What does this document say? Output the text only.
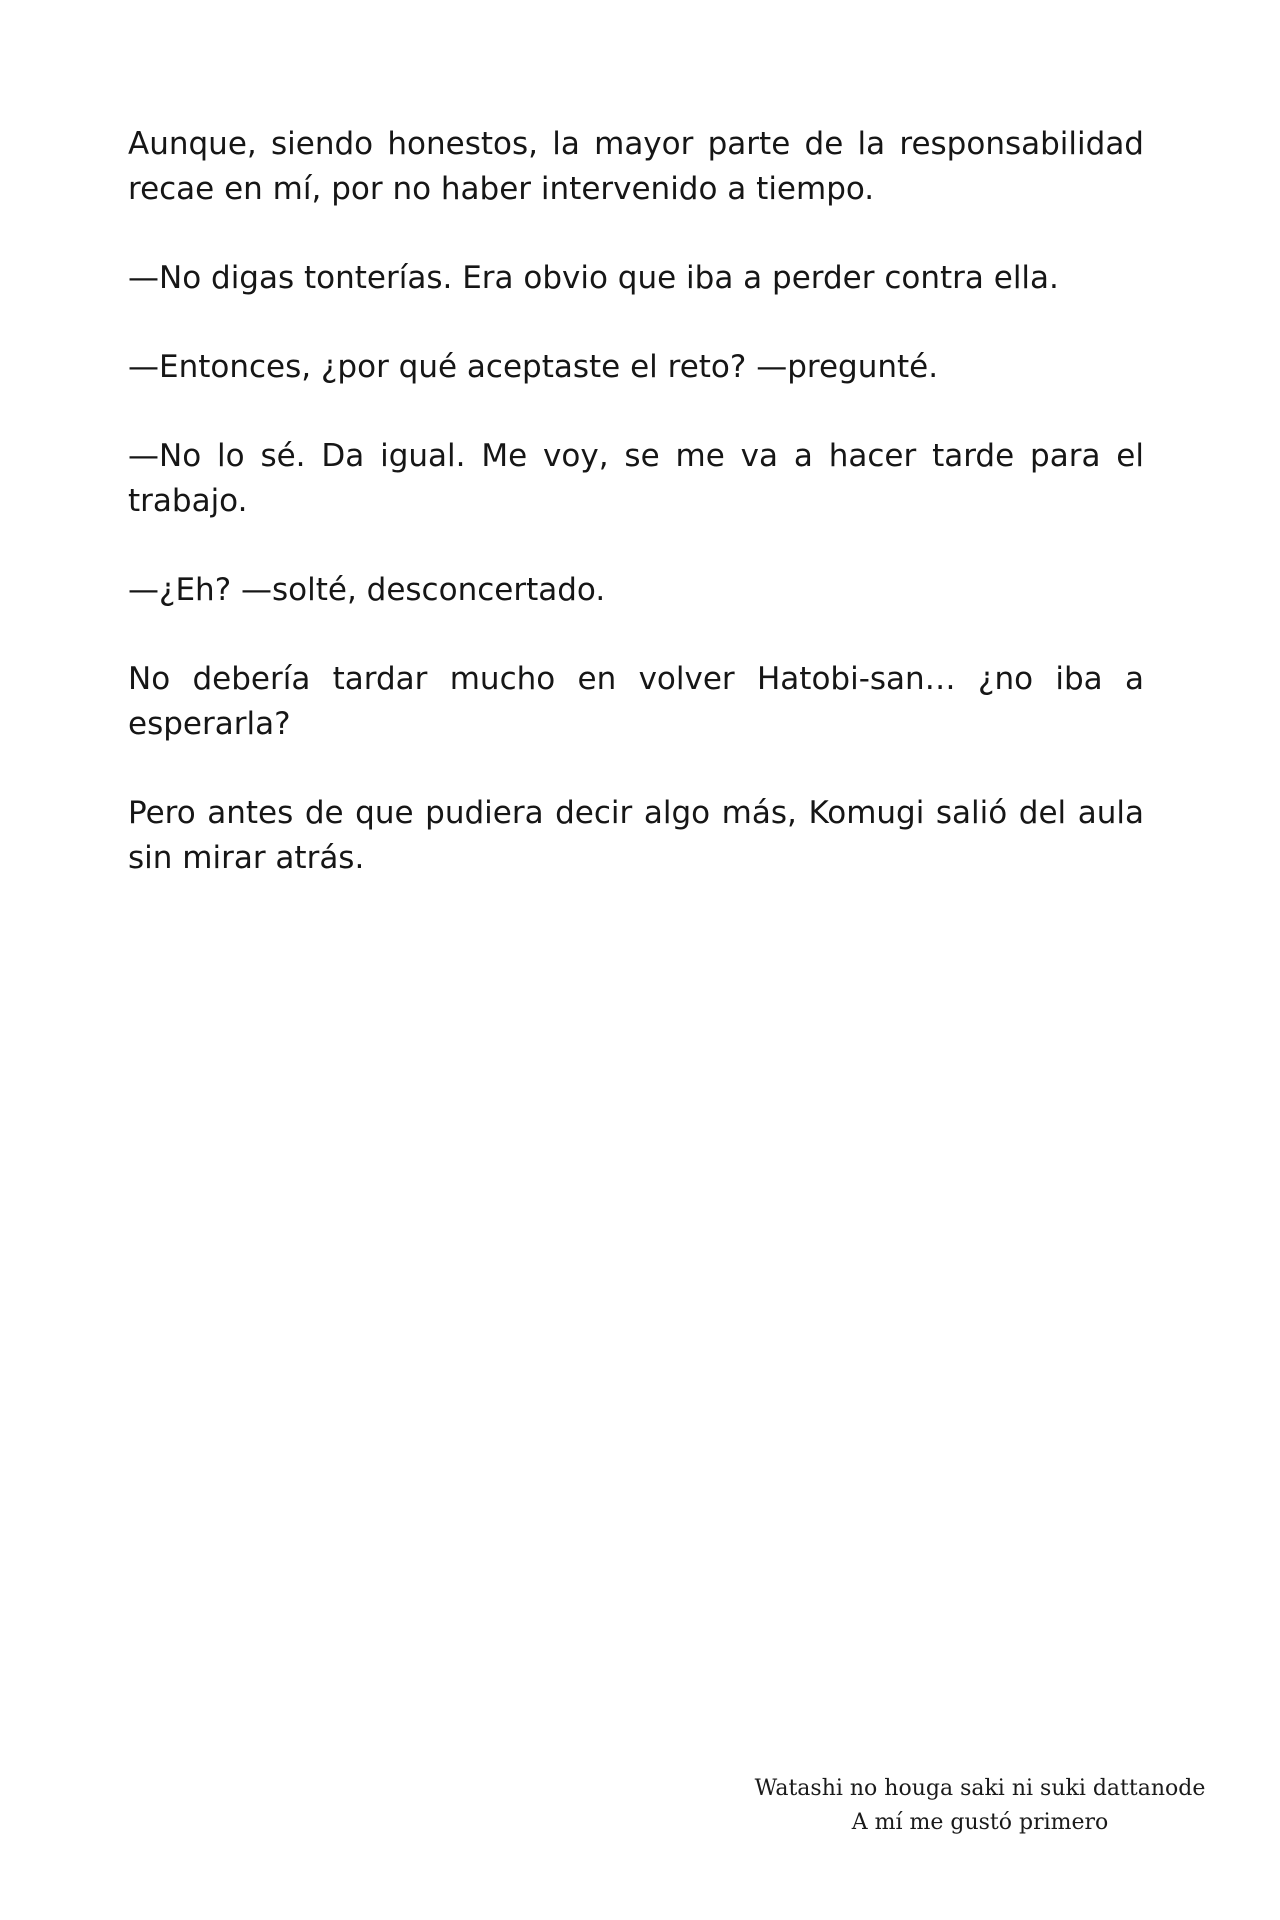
Aunque, siendo honestos, la mayor parte de la responsabilidad recae en mí, por no haber intervenido a tiempo.

—No digas tonterías. Era obvio que iba a perder contra ella.

—Entonces, ¿por qué aceptaste el reto? —pregunté.

—No lo sé. Da igual. Me voy, se me va a hacer tarde para el trabajo.

—¿Eh? —solté, desconcertado.

No debería tardar mucho en volver Hatobi-san… ¿no iba a esperarla?

Pero antes de que pudiera decir algo más, Komugi salió del aula sin mirar atrás.

Watashi no houga saki ni suki dattanode
A mí me gustó primero
